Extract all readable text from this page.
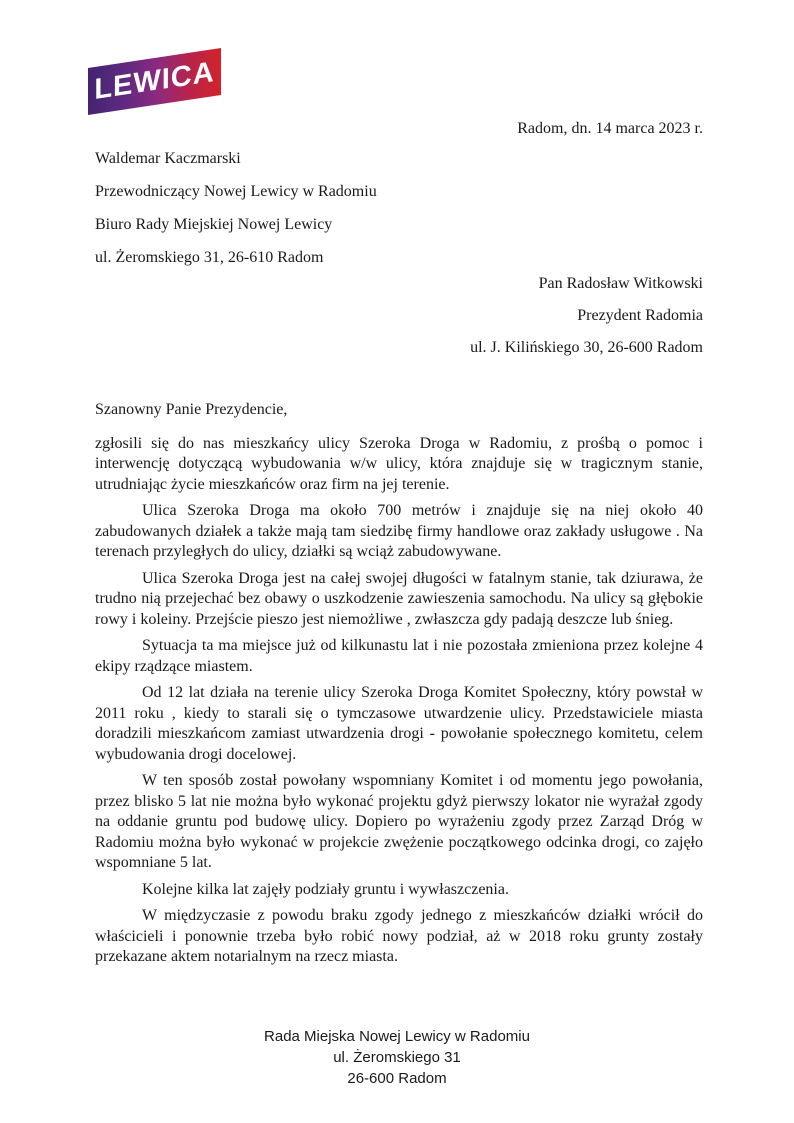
LEWICA
Radom, dn. 14 marca 2023 r.
Waldemar Kaczmarski
Przewodniczący Nowej Lewicy w Radomiu
Biuro Rady Miejskiej Nowej Lewicy
ul. Żeromskiego 31, 26-610 Radom
Pan Radosław Witkowski
Prezydent Radomia
ul. J. Kilińskiego 30, 26-600 Radom

Szanowny Panie Prezydencie,

zgłosili się do nas mieszkańcy ulicy Szeroka Droga w Radomiu, z prośbą o pomoc i interwencję dotyczącą wybudowania w/w ulicy, która znajduje się w tragicznym stanie, utrudniając życie mieszkańców oraz firm na jej terenie.

Ulica Szeroka Droga ma około 700 metrów i znajduje się na niej około 40 zabudowanych działek a także mają tam siedzibę firmy handlowe oraz zakłady usługowe . Na terenach przyległych do ulicy, działki są wciąż zabudowywane.

Ulica Szeroka Droga jest na całej swojej długości w fatalnym stanie, tak dziurawa, że trudno nią przejechać bez obawy o uszkodzenie zawieszenia samochodu. Na ulicy są głębokie rowy i koleiny. Przejście pieszo jest niemożliwe , zwłaszcza gdy padają deszcze lub śnieg.

Sytuacja ta ma miejsce już od kilkunastu lat i nie pozostała zmieniona przez kolejne 4 ekipy rządzące miastem.

Od 12 lat działa na terenie ulicy Szeroka Droga Komitet Społeczny, który powstał w 2011 roku , kiedy to starali się o tymczasowe utwardzenie ulicy. Przedstawiciele miasta doradzili mieszkańcom zamiast utwardzenia drogi - powołanie społecznego komitetu, celem wybudowania drogi docelowej.

W ten sposób został powołany wspomniany Komitet i od momentu jego powołania, przez blisko 5 lat nie można było wykonać projektu gdyż pierwszy lokator nie wyrażał zgody na oddanie gruntu pod budowę ulicy. Dopiero po wyrażeniu zgody przez Zarząd Dróg w Radomiu można było wykonać w projekcie zwężenie początkowego odcinka drogi, co zajęło wspomniane 5 lat.

Kolejne kilka lat zajęły podziały gruntu i wywłaszczenia.

W międzyczasie z powodu braku zgody jednego z mieszkańców działki wrócił do właścicieli i ponownie trzeba było robić nowy podział, aż w 2018 roku grunty zostały przekazane aktem notarialnym na rzecz miasta.

Rada Miejska Nowej Lewicy w Radomiu
ul. Żeromskiego 31
26-600 Radom
